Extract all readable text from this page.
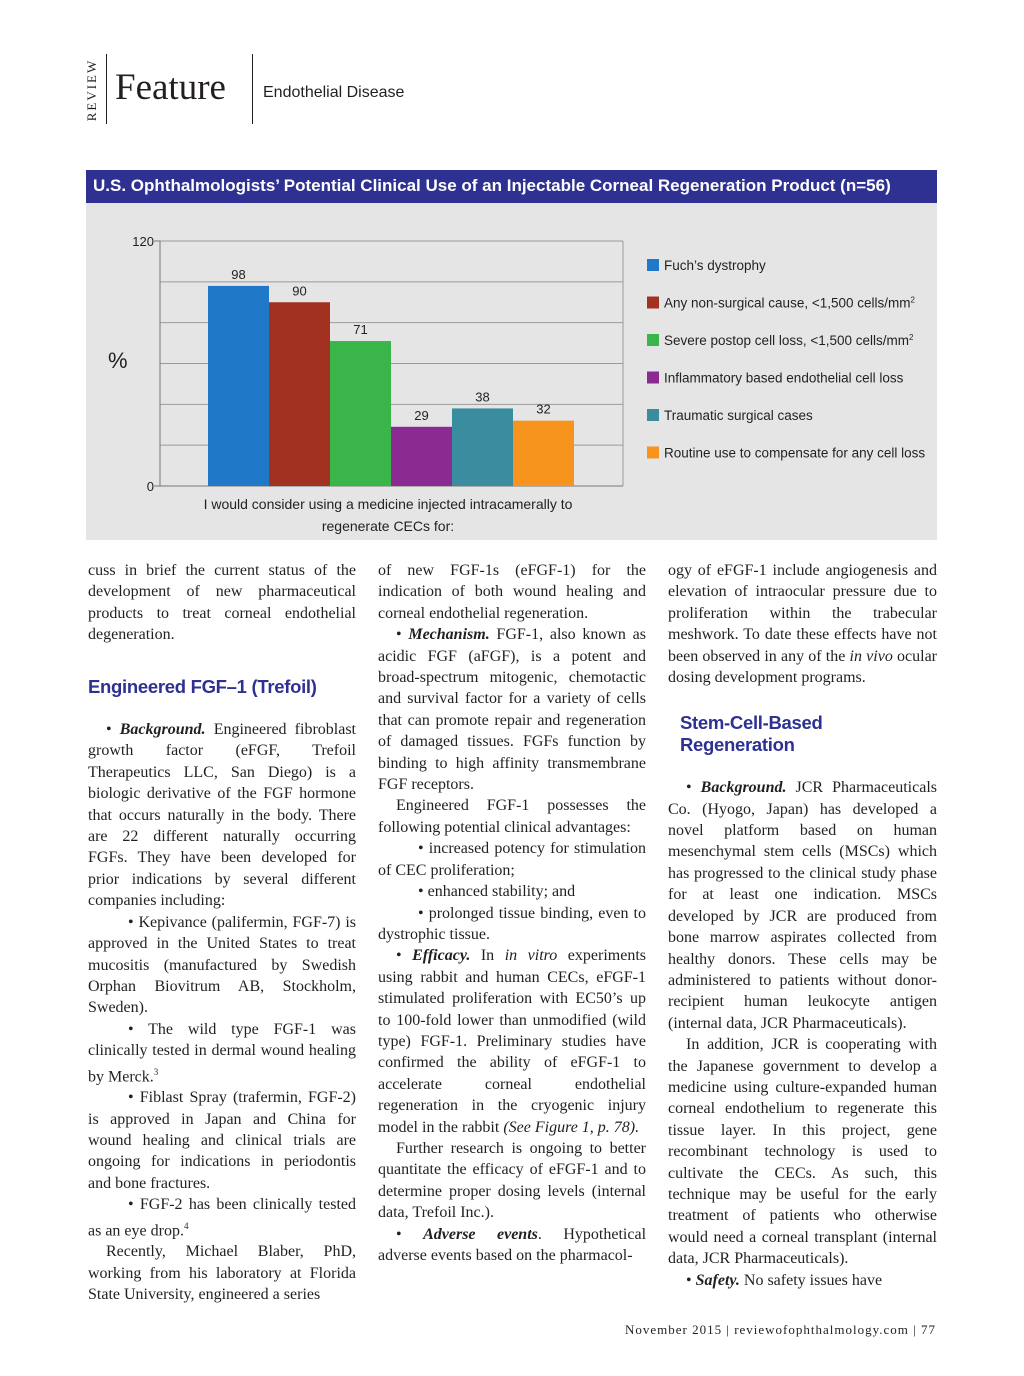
REVIEW Feature Endothelial Disease
U.S. Ophthalmologists’ Potential Clinical Use of an Injectable Corneal Regeneration Product (n=56)
98
90
71
29
38
32
Fuch’s dystrophy
Any non-surgical cause, <1,500 cells/$mm^2$
Severe postop cell loss, <1,500 cells/$mm^2$
Inflammatory based endothelial cell loss
Traumatic surgical cases
Routine use to compensate for any cell loss
%
120
0
I would consider using a medicine injected intracamerally to
regenerate CECs for:

cuss in brief the current status of the development of new pharmaceutical products to treat corneal endothelial degeneration.

Engineered FGF–1 (Trefoil)

• Background. Engineered fibroblast growth factor (eFGF, Trefoil Therapeutics LLC, San Diego) is a biologic derivative of the FGF hormone that occurs naturally in the body. There are 22 different naturally occurring FGFs. They have been developed for prior indications by several different companies including:

• Kepivance (palifermin, FGF-7) is approved in the United States to treat mucositis (manufactured by Swedish Orphan Biovitrum AB, Stockholm, Sweden).

• The wild type FGF-1 was clinically tested in dermal wound healing by Merck.$^3$

• Fiblast Spray (trafermin, FGF-2) is approved in Japan and China for wound healing and clinical trials are ongoing for indications in periodontis and bone fractures.

• FGF-2 has been clinically tested as an eye drop.$^4$

Recently, Michael Blaber, PhD, working from his laboratory at Florida State University, engineered a series

of new FGF-1s (eFGF-1) for the indication of both wound healing and corneal endothelial regeneration.

• Mechanism. FGF-1, also known as acidic FGF (aFGF), is a potent and broad-spectrum mitogenic, chemotactic and survival factor for a variety of cells that can promote repair and regeneration of damaged tissues. FGFs function by binding to high affinity transmembrane FGF receptors.

Engineered FGF-1 possesses the following potential clinical advantages:

• increased potency for stimulation of CEC proliferation;

• enhanced stability; and

• prolonged tissue binding, even to dystrophic tissue.

• Efficacy. In in vitro experiments using rabbit and human CECs, eFGF-1 stimulated proliferation with EC50’s up to 100-fold lower than unmodified (wild type) FGF-1. Preliminary studies have confirmed the ability of eFGF-1 to accelerate corneal endothelial regeneration in the cryogenic injury model in the rabbit (See Figure 1, p. 78).

Further research is ongoing to better quantitate the efficacy of eFGF-1 and to determine proper dosing levels (internal data, Trefoil Inc.).

• Adverse events. Hypothetical adverse events based on the pharmacol-

ogy of eFGF-1 include angiogenesis and elevation of intraocular pressure due to proliferation within the trabecular meshwork. To date these effects have not been observed in any of the in vivo ocular dosing development programs.

Stem-Cell-Based Regeneration

• Background. JCR Pharmaceuticals Co. (Hyogo, Japan) has developed a novel platform based on human mesenchymal stem cells (MSCs) which has progressed to the clinical study phase for at least one indication. MSCs developed by JCR are produced from bone marrow aspirates collected from healthy donors. These cells may be administered to patients without donor-recipient human leukocyte antigen (internal data, JCR Pharmaceuticals).

In addition, JCR is cooperating with the Japanese government to develop a medicine using culture-expanded human corneal endothelium to regenerate this tissue layer. In this project, gene recombinant technology is used to cultivate the CECs. As such, this technique may be useful for the early treatment of patients who otherwise would need a corneal transplant (internal data, JCR Pharmaceuticals).

• Safety. No safety issues have

November 2015 | reviewofophthalmology.com | 77
